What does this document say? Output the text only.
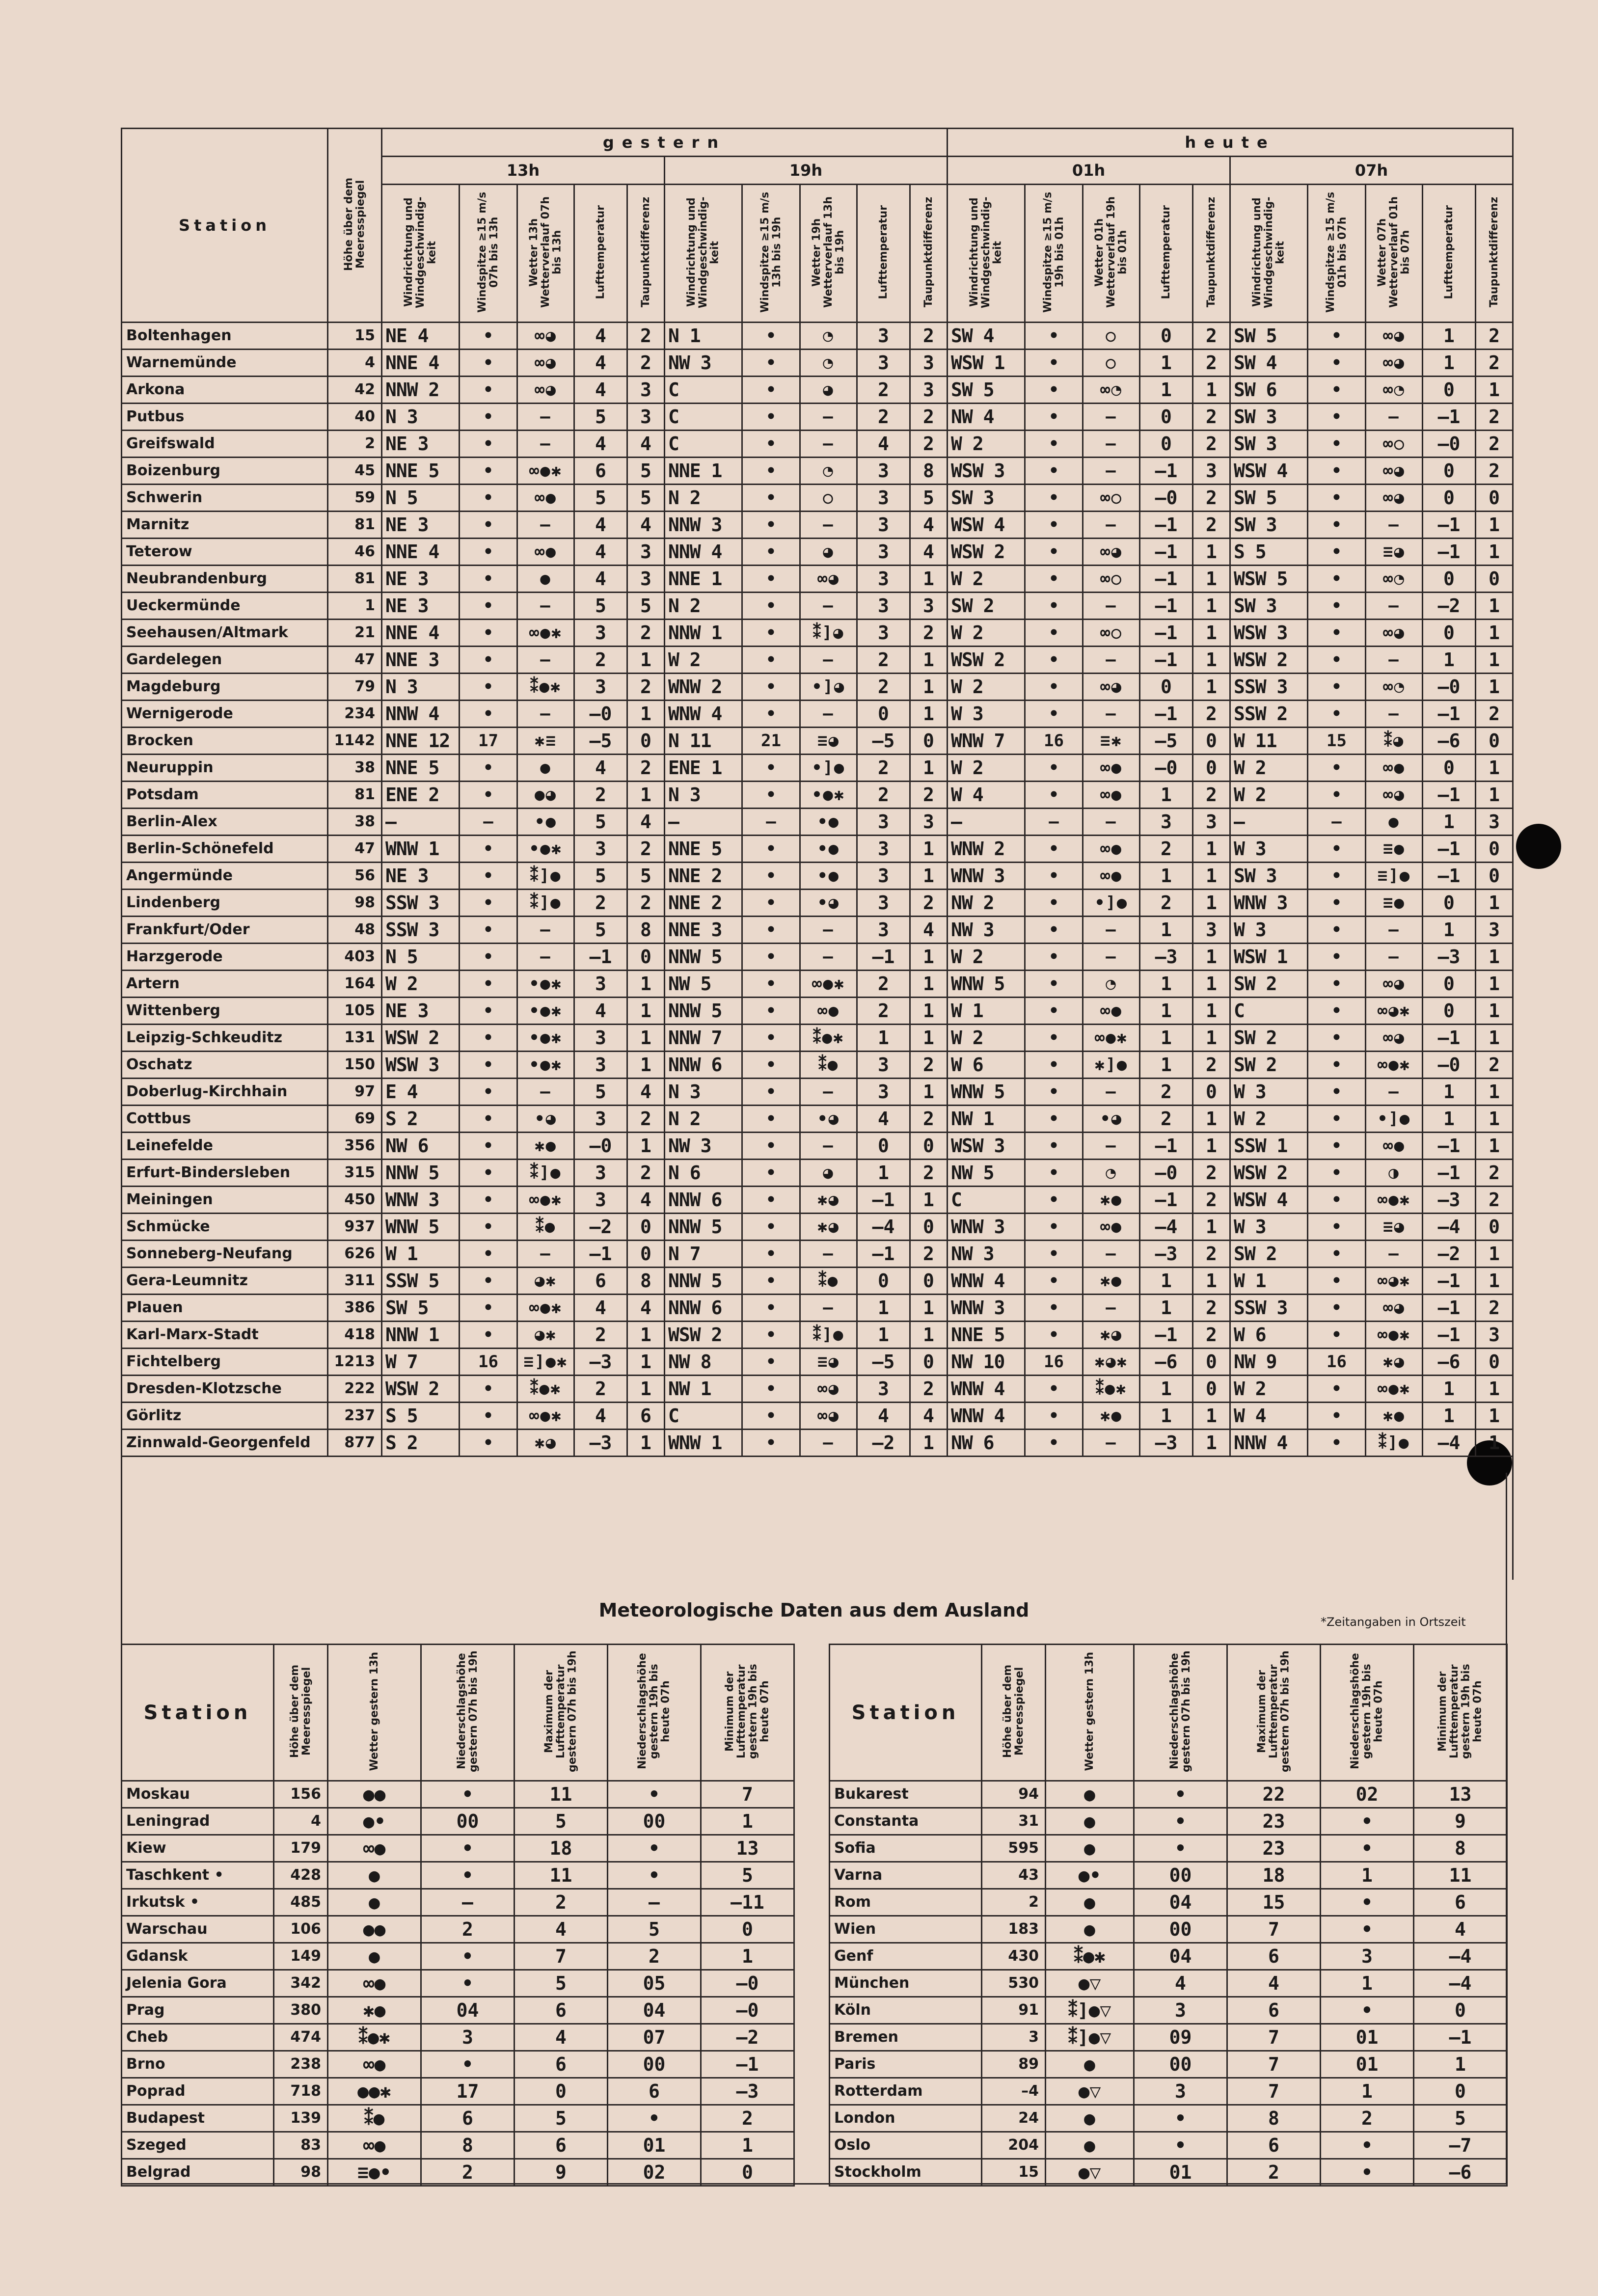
Station	Höhe über dem Meeresspiegel	gestern										heute									
		13h					19h					01h					07h				
		Windrichtung und Windgeschwindig-keit	Windspitze ≥15 m/s 07h bis 13h	Wetter 13h Wetterverlauf 07h bis 13h	Lufttemperatur	Taupunktdifferenz	Windrichtung und Windgeschwindig-keit	Windspitze ≥15 m/s 13h bis 19h	Wetter 19h Wetterverlauf 13h bis 19h	Lufttemperatur	Taupunktdifferenz	Windrichtung und Windgeschwindig-keit	Windspitze ≥15 m/s 19h bis 01h	Wetter 01h Wetterverlauf 19h bis 01h	Lufttemperatur	Taupunktdifferenz	Windrichtung und Windgeschwindig-keit	Windspitze ≥15 m/s 01h bis 07h	Wetter 07h Wetterverlauf 01h bis 07h	Lufttemperatur	Taupunktdifferenz
Boltenhagen	15	NE 4	•	∞◕	4	2	N 1	•	◔	3	2	SW 4	•	○	0	2	SW 5	•	∞◕	1	2
Warnemünde	4	NNE 4	•	∞◕	4	2	NW 3	•	◔	3	3	WSW 1	•	○	1	2	SW 4	•	∞◕	1	2
Arkona	42	NNW 2	•	∞◕	4	3	C	•	◕	2	3	SW 5	•	∞◔	1	1	SW 6	•	∞◔	0	1
Putbus	40	N 3	•	–	5	3	C	•	–	2	2	NW 4	•	–	0	2	SW 3	•	–	–1	2
Greifswald	2	NE 3	•	–	4	4	C	•	–	4	2	W 2	•	–	0	2	SW 3	•	∞○	–0	2
Boizenburg	45	NNE 5	•	∞●✱	6	5	NNE 1	•	◔	3	8	WSW 3	•	–	–1	3	WSW 4	•	∞◕	0	2
Schwerin	59	N 5	•	∞●	5	5	N 2	•	○	3	5	SW 3	•	∞○	–0	2	SW 5	•	∞◕	0	0
Marnitz	81	NE 3	•	–	4	4	NNW 3	•	–	3	4	WSW 4	•	–	–1	2	SW 3	•	–	–1	1
Teterow	46	NNE 4	•	∞●	4	3	NNW 4	•	◕	3	4	WSW 2	•	∞◕	–1	1	S 5	•	≡◕	–1	1
Neubrandenburg	81	NE 3	•	●	4	3	NNE 1	•	∞◕	3	1	W 2	•	∞○	–1	1	WSW 5	•	∞◔	0	0
Ueckermünde	1	NE 3	•	–	5	5	N 2	•	–	3	3	SW 2	•	–	–1	1	SW 3	•	–	–2	1
Seehausen/Altmark	21	NNE 4	•	∞●✱	3	2	NNW 1	•	⁑]◕	3	2	W 2	•	∞○	–1	1	WSW 3	•	∞◕	0	1
Gardelegen	47	NNE 3	•	–	2	1	W 2	•	–	2	1	WSW 2	•	–	–1	1	WSW 2	•	–	1	1
Magdeburg	79	N 3	•	⁑●✱	3	2	WNW 2	•	•]◕	2	1	W 2	•	∞◕	0	1	SSW 3	•	∞◔	–0	1
Wernigerode	234	NNW 4	•	–	–0	1	WNW 4	•	–	0	1	W 3	•	–	–1	2	SSW 2	•	–	–1	2
Brocken	1142	NNE 12	17	✱≡	–5	0	N 11	21	≡◕	–5	0	WNW 7	16	≡✱	–5	0	W 11	15	⁑◕	–6	0
Neuruppin	38	NNE 5	•	●	4	2	ENE 1	•	•]●	2	1	W 2	•	∞●	–0	0	W 2	•	∞●	0	1
Potsdam	81	ENE 2	•	●◕	2	1	N 3	•	•●✱	2	2	W 4	•	∞●	1	2	W 2	•	∞◕	–1	1
Berlin-Alex	38	–	–	•●	5	4	–	–	•●	3	3	–	–	–	3	3	–	–	●	1	3
Berlin-Schönefeld	47	WNW 1	•	•●✱	3	2	NNE 5	•	•●	3	1	WNW 2	•	∞●	2	1	W 3	•	≡●	–1	0
Angermünde	56	NE 3	•	⁑]●	5	5	NNE 2	•	•●	3	1	WNW 3	•	∞●	1	1	SW 3	•	≡]●	–1	0
Lindenberg	98	SSW 3	•	⁑]●	2	2	NNE 2	•	•◕	3	2	NW 2	•	•]●	2	1	WNW 3	•	≡●	0	1
Frankfurt/Oder	48	SSW 3	•	–	5	8	NNE 3	•	–	3	4	NW 3	•	–	1	3	W 3	•	–	1	3
Harzgerode	403	N 5	•	–	–1	0	NNW 5	•	–	–1	1	W 2	•	–	–3	1	WSW 1	•	–	–3	1
Artern	164	W 2	•	•●✱	3	1	NW 5	•	∞●✱	2	1	WNW 5	•	◔	1	1	SW 2	•	∞◕	0	1
Wittenberg	105	NE 3	•	•●✱	4	1	NNW 5	•	∞●	2	1	W 1	•	∞●	1	1	C	•	∞◕✱	0	1
Leipzig-Schkeuditz	131	WSW 2	•	•●✱	3	1	NNW 7	•	⁑●✱	1	1	W 2	•	∞●✱	1	1	SW 2	•	∞◕	–1	1
Oschatz	150	WSW 3	•	•●✱	3	1	NNW 6	•	⁑●	3	2	W 6	•	✱]●	1	2	SW 2	•	∞●✱	–0	2
Doberlug-Kirchhain	97	E 4	•	–	5	4	N 3	•	–	3	1	WNW 5	•	–	2	0	W 3	•	–	1	1
Cottbus	69	S 2	•	•◕	3	2	N 2	•	•◕	4	2	NW 1	•	•◕	2	1	W 2	•	•]●	1	1
Leinefelde	356	NW 6	•	✱●	–0	1	NW 3	•	–	0	0	WSW 3	•	–	–1	1	SSW 1	•	∞●	–1	1
Erfurt-Bindersleben	315	NNW 5	•	⁑]●	3	2	N 6	•	◕	1	2	NW 5	•	◔	–0	2	WSW 2	•	◑	–1	2
Meiningen	450	WNW 3	•	∞●✱	3	4	NNW 6	•	✱◕	–1	1	C	•	✱●	–1	2	WSW 4	•	∞●✱	–3	2
Schmücke	937	WNW 5	•	⁑●	–2	0	NNW 5	•	✱◕	–4	0	WNW 3	•	∞●	–4	1	W 3	•	≡◕	–4	0
Sonneberg-Neufang	626	W 1	•	–	–1	0	N 7	•	–	–1	2	NW 3	•	–	–3	2	SW 2	•	–	–2	1
Gera-Leumnitz	311	SSW 5	•	◕✱	6	8	NNW 5	•	⁑●	0	0	WNW 4	•	✱●	1	1	W 1	•	∞◕✱	–1	1
Plauen	386	SW 5	•	∞●✱	4	4	NNW 6	•	–	1	1	WNW 3	•	–	1	2	SSW 3	•	∞◕	–1	2
Karl-Marx-Stadt	418	NNW 1	•	◕✱	2	1	WSW 2	•	⁑]●	1	1	NNE 5	•	✱◕	–1	2	W 6	•	∞●✱	–1	3
Fichtelberg	1213	W 7	16	≡]●✱	–3	1	NW 8	•	≡◕	–5	0	NW 10	16	✱◕✱	–6	0	NW 9	16	✱◕	–6	0
Dresden-Klotzsche	222	WSW 2	•	⁑●✱	2	1	NW 1	•	∞◕	3	2	WNW 4	•	⁑●✱	1	0	W 2	•	∞●✱	1	1
Görlitz	237	S 5	•	∞●✱	4	6	C	•	∞◕	4	4	WNW 4	•	✱●	1	1	W 4	•	✱●	1	1
Zinnwald-Georgenfeld	877	S 2	•	✱◕	–3	1	WNW 1	•	–	–2	1	NW 6	•	–	–3	1	NNW 4	•	⁑]●	–4	1

Meteorologische Daten aus dem Ausland
*Zeitangaben in Ortszeit
Station	Höhe über dem Meeresspiegel	Wetter gestern 13h	Niederschlagshöhe gestern 07h bis 19h	Maximum der Lufttemperatur gestern 07h bis 19h	Niederschlagshöhe gestern 19h bis heute 07h	Minimum der Lufttemperatur gestern 19h bis heute 07h		Station	Höhe über dem Meeresspiegel	Wetter gestern 13h	Niederschlagshöhe gestern 07h bis 19h	Maximum der Lufttemperatur gestern 07h bis 19h	Niederschlagshöhe gestern 19h bis heute 07h	Minimum der Lufttemperatur gestern 19h bis heute 07h
Moskau	156	●●	•	11	•	7		Bukarest	94	●	•	22	02	13
Leningrad	4	●•	00	5	00	1		Constanta	31	●	•	23	•	9
Kiew	179	∞●	•	18	•	13		Sofia	595	●	•	23	•	8
Taschkent •	428	●	•	11	•	5		Varna	43	●•	00	18	1	11
Irkutsk •	485	●	–	2	–	–11		Rom	2	●	04	15	•	6
Warschau	106	●●	2	4	5	0		Wien	183	●	00	7	•	4
Gdansk	149	●	•	7	2	1		Genf	430	⁑●✱	04	6	3	–4
Jelenia Gora	342	∞●	•	5	05	–0		München	530	●▽	4	4	1	–4
Prag	380	✱●	04	6	04	–0		Köln	91	⁑]●▽	3	6	•	0
Cheb	474	⁑●✱	3	4	07	–2		Bremen	3	⁑]●▽	09	7	01	–1
Brno	238	∞●	•	6	00	–1		Paris	89	●	00	7	01	1
Poprad	718	●●✱	17	0	6	–3		Rotterdam	–4	●▽	3	7	1	0
Budapest	139	⁑●	6	5	•	2		London	24	●	•	8	2	5
Szeged	83	∞●	8	6	01	1		Oslo	204	●	•	6	•	–7
Belgrad	98	≡●•	2	9	02	0		Stockholm	15	●▽	01	2	•	–6
